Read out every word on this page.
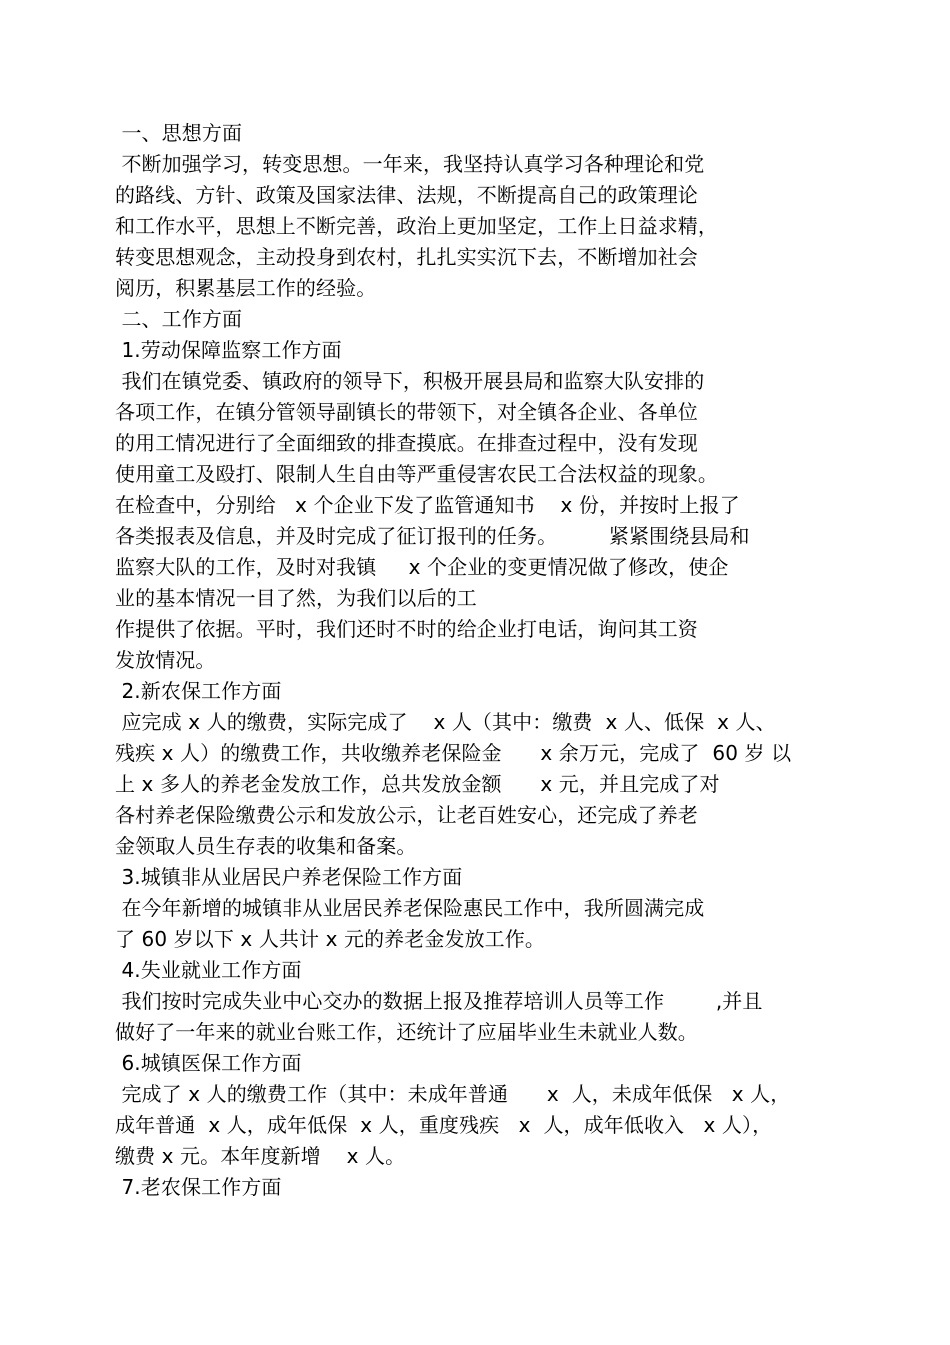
一、思想方面
不断加强学习，转变思想。一年来，我坚持认真学习各种理论和党
的路线、方针、政策及国家法律、法规，不断提高自己的政策理论
和工作水平，思想上不断完善，政治上更加坚定，工作上日益求精，
转变思想观念，主动投身到农村，扎扎实实沉下去，不断增加社会
阅历，积累基层工作的经验。
二、工作方面
1.劳动保障监察工作方面
我们在镇党委、镇政府的领导下，积极开展县局和监察大队安排的
各项工作，在镇分管领导副镇长的带领下，对全镇各企业、各单位
的用工情况进行了全面细致的排查摸底。在排查过程中，没有发现
使用童工及殴打、限制人生自由等严重侵害农民工合法权益的现象。
在检查中，分别给   x 个企业下发了监管通知书    x 份，并按时上报了
各类报表及信息，并及时完成了征订报刊的任务。        紧紧围绕县局和
监察大队的工作，及时对我镇     x 个企业的变更情况做了修改，使企
业的基本情况一目了然，为我们以后的工
作提供了依据。平时，我们还时不时的给企业打电话，询问其工资
发放情况。
2.新农保工作方面
应完成 x 人的缴费，实际完成了    x 人（其中：缴费  x 人、低保  x 人、
残疾 x 人）的缴费工作，共收缴养老保险金      x 余万元，完成了  60 岁 以
上 x 多人的养老金发放工作，总共发放金额      x 元，并且完成了对
各村养老保险缴费公示和发放公示，让老百姓安心，还完成了养老
金领取人员生存表的收集和备案。
3.城镇非从业居民户养老保险工作方面
在今年新增的城镇非从业居民养老保险惠民工作中，我所圆满完成
了 60 岁以下 x 人共计 x 元的养老金发放工作。
4.失业就业工作方面
我们按时完成失业中心交办的数据上报及推荐培训人员等工作        ,并且
做好了一年来的就业台账工作，还统计了应届毕业生未就业人数。
6.城镇医保工作方面
完成了 x 人的缴费工作（其中：未成年普通      x  人，未成年低保   x 人，
成年普通  x 人，成年低保  x 人，重度残疾   x  人，成年低收入   x 人），
缴费 x 元。本年度新增    x 人。
7.老农保工作方面
